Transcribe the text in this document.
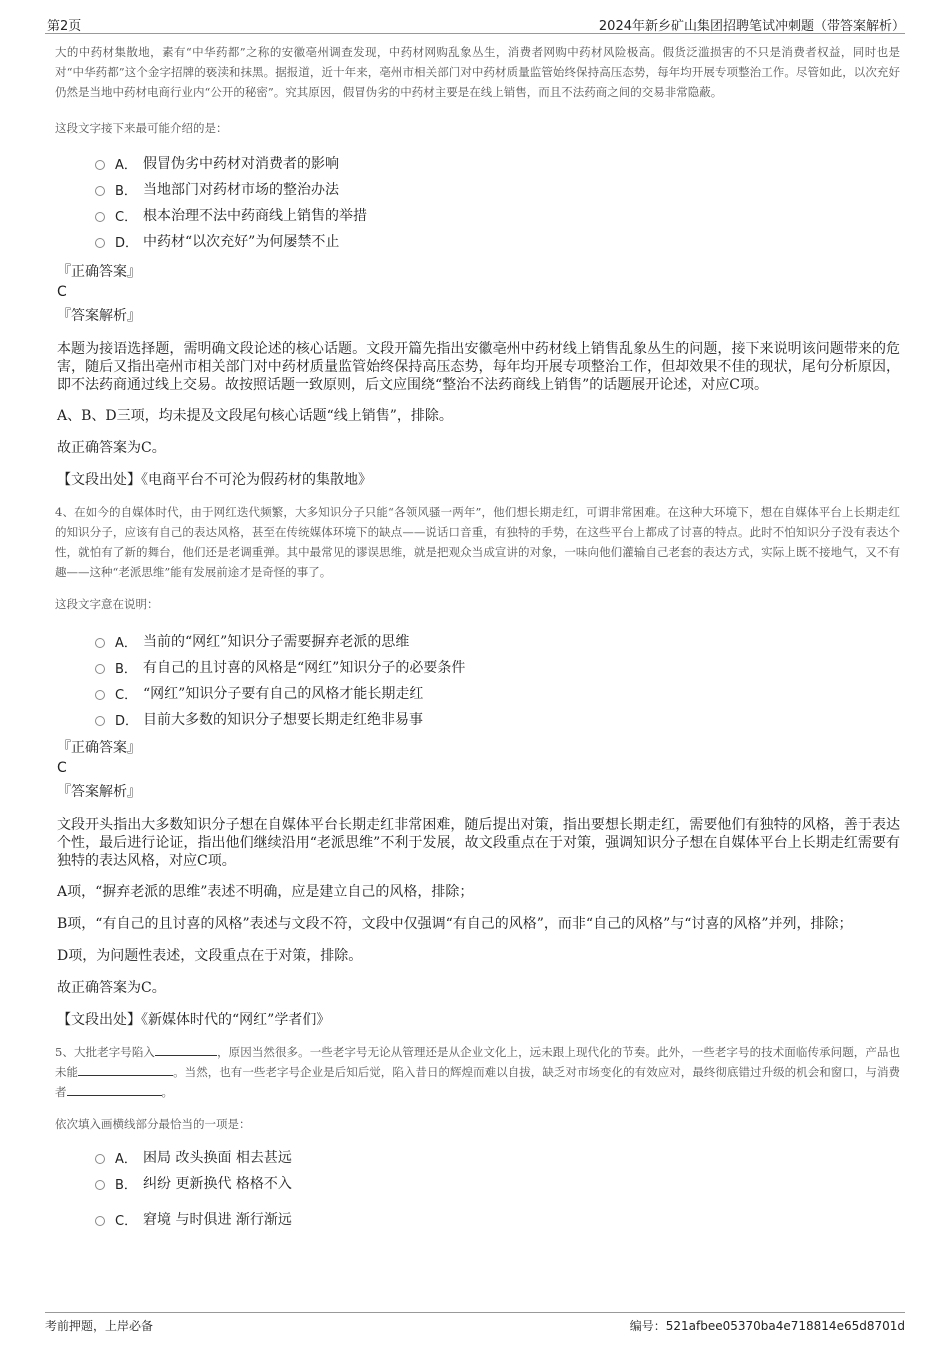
第2页	2024年新乡矿山集团招聘笔试冲刺题（带答案解析）
大的中药材集散地，素有“中华药都”之称的安徽亳州调查发现，中药材网购乱象丛生，消费者网购中药材风险极高。假货泛滥损害的不只是消费者权益，同时也是对“中华药都”这个金字招牌的亵渎和抹黑。据报道，近十年来，亳州市相关部门对中药材质量监管始终保持高压态势，每年均开展专项整治工作。尽管如此，以次充好仍然是当地中药材电商行业内“公开的秘密”。究其原因，假冒伪劣的中药材主要是在线上销售，而且不法药商之间的交易非常隐蔽。
这段文字接下来最可能介绍的是：
A． 假冒伪劣中药材对消费者的影响
B． 当地部门对药材市场的整治办法
C． 根本治理不法中药商线上销售的举措
D． 中药材“以次充好”为何屡禁不止
『正确答案』
C
『答案解析』
本题为接语选择题，需明确文段论述的核心话题。文段开篇先指出安徽亳州中药材线上销售乱象丛生的问题，接下来说明该问题带来的危害，随后又指出亳州市相关部门对中药材质量监管始终保持高压态势，每年均开展专项整治工作，但却效果不佳的现状，尾句分析原因，即不法药商通过线上交易。故按照话题一致原则，后文应围绕“整治不法药商线上销售”的话题展开论述，对应C项。
A、B、D三项，均未提及文段尾句核心话题“线上销售”，排除。
故正确答案为C。
【文段出处】《电商平台不可沦为假药材的集散地》
4、在如今的自媒体时代，由于网红迭代频繁，大多知识分子只能“各领风骚一两年”，他们想长期走红，可谓非常困难。在这种大环境下，想在自媒体平台上长期走红的知识分子，应该有自己的表达风格，甚至在传统媒体环境下的缺点——说话口音重，有独特的手势，在这些平台上都成了讨喜的特点。此时不怕知识分子没有表达个性，就怕有了新的舞台，他们还是老调重弹。其中最常见的谬误思维，就是把观众当成宣讲的对象，一味向他们灌输自己老套的表达方式，实际上既不接地气，又不有趣——这种“老派思维”能有发展前途才是奇怪的事了。
这段文字意在说明：
A． 当前的“网红”知识分子需要摒弃老派的思维
B． 有自己的且讨喜的风格是“网红”知识分子的必要条件
C． “网红”知识分子要有自己的风格才能长期走红
D． 目前大多数的知识分子想要长期走红绝非易事
『正确答案』
C
『答案解析』
文段开头指出大多数知识分子想在自媒体平台长期走红非常困难，随后提出对策，指出要想长期走红，需要他们有独特的风格，善于表达个性，最后进行论证，指出他们继续沿用“老派思维”不利于发展，故文段重点在于对策，强调知识分子想在自媒体平台上长期走红需要有独特的表达风格，对应C项。
A项，“摒弃老派的思维”表述不明确，应是建立自己的风格，排除；
B项，“有自己的且讨喜的风格”表述与文段不符，文段中仅强调“有自己的风格”，而非“自己的风格”与“讨喜的风格”并列，排除；
D项，为问题性表述，文段重点在于对策，排除。
故正确答案为C。
【文段出处】《新媒体时代的“网红”学者们》
5、大批老字号陷入	，原因当然很多。一些老字号无论从管理还是从企业文化上，远未跟上现代化的节奏。此外，一些老字号的技术面临传承问题，产品也未能	。当然，也有一些老字号企业是后知后觉，陷入昔日的辉煌而难以自拔，缺乏对市场变化的有效应对，最终彻底错过升级的机会和窗口，与消费者	。
依次填入画横线部分最恰当的一项是：
A． 困局 改头换面 相去甚远
B． 纠纷 更新换代 格格不入
C． 窘境 与时俱进 渐行渐远
考前押题，上岸必备	编号：521afbee05370ba4e718814e65d8701d
